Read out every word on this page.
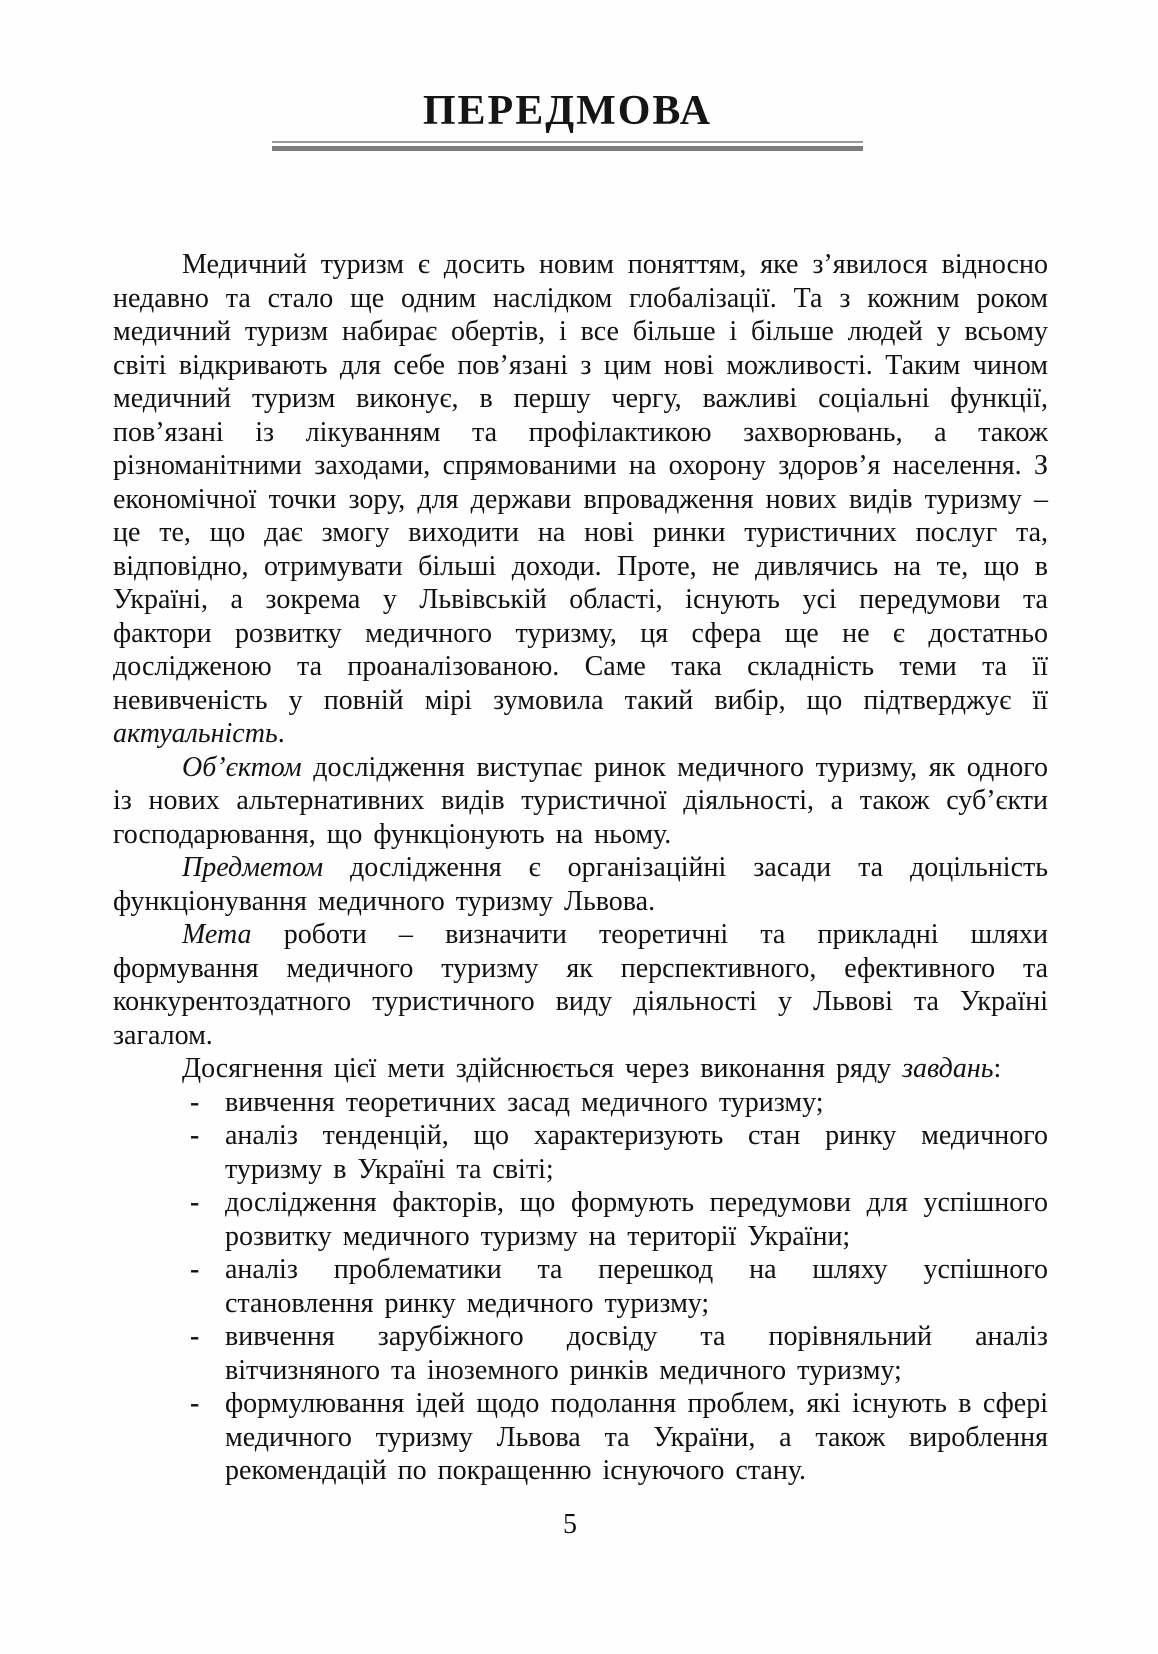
ПЕРЕДМОВА

Медичний туризм є досить новим поняттям, яке з’явилося відносно недавно та стало ще одним наслідком глобалізації. Та з кожним роком медичний туризм набирає обертів, і все більше і більше людей у всьому світі відкривають для себе пов’язані з цим нові можливості. Таким чином медичний туризм виконує, в першу чергу, важливі соціальні функції, пов’язані із лікуванням та профілактикою захворювань, а також різноманітними заходами, спрямованими на охорону здоров’я населення. З економічної точки зору, для держави впровадження нових видів туризму – це те, що дає змогу виходити на нові ринки туристичних послуг та, відповідно, отримувати більші доходи. Проте, не дивлячись на те, що в Україні, а зокрема у Львівській області, існують усі передумови та фактори розвитку медичного туризму, ця сфера ще не є достатньо дослідженою та проаналізованою. Саме така складність теми та її невивченість у повній мірі зумовила такий вибір, що підтверджує її актуальність.

Об’єктом дослідження виступає ринок медичного туризму, як одного із нових альтернативних видів туристичної діяльності, а також суб’єкти господарювання, що функціонують на ньому.

Предметом дослідження є організаційні засади та доцільність функціонування медичного туризму Львова.

Мета роботи – визначити теоретичні та прикладні шляхи формування медичного туризму як перспективного, ефективного та конкурентоздатного туристичного виду діяльності у Львові та Україні загалом.

Досягнення цієї мети здійснюється через виконання ряду завдань:

- вивчення теоретичних засад медичного туризму;
- аналіз тенденцій, що характеризують стан ринку медичного туризму в Україні та світі;
- дослідження факторів, що формують передумови для успішного розвитку медичного туризму на території України;
- аналіз проблематики та перешкод на шляху успішного становлення ринку медичного туризму;
- вивчення зарубіжного досвіду та порівняльний аналіз вітчизняного та іноземного ринків медичного туризму;
- формулювання ідей щодо подолання проблем, які існують в сфері медичного туризму Львова та України, а також вироблення рекомендацій по покращенню існуючого стану.
5
